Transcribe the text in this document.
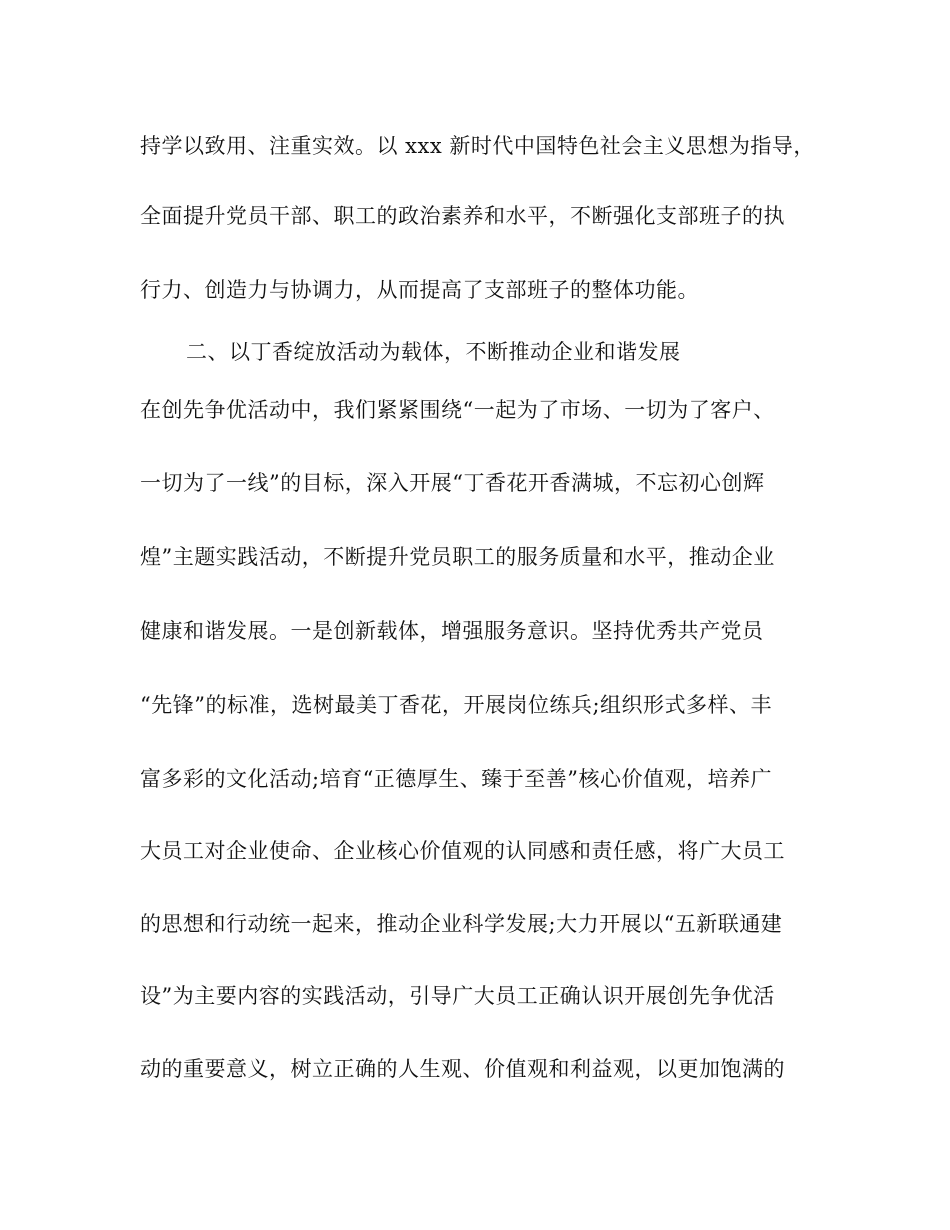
持学以致用、注重实效。以 xxx 新时代中国特色社会主义思想为指导，
全面提升党员干部、职工的政治素养和水平，不断强化支部班子的执
行力、创造力与协调力，从而提高了支部班子的整体功能。
二、以丁香绽放活动为载体，不断推动企业和谐发展
在创先争优活动中，我们紧紧围绕“一起为了市场、一切为了客户、
一切为了一线”的目标，深入开展“丁香花开香满城，不忘初心创辉
煌”主题实践活动，不断提升党员职工的服务质量和水平，推动企业
健康和谐发展。一是创新载体，增强服务意识。坚持优秀共产党员
“先锋”的标准，选树最美丁香花，开展岗位练兵;组织形式多样、丰
富多彩的文化活动;培育“正德厚生、臻于至善”核心价值观，培养广
大员工对企业使命、企业核心价值观的认同感和责任感，将广大员工
的思想和行动统一起来，推动企业科学发展;大力开展以“五新联通建
设”为主要内容的实践活动，引导广大员工正确认识开展创先争优活
动的重要意义，树立正确的人生观、价值观和利益观，以更加饱满的
